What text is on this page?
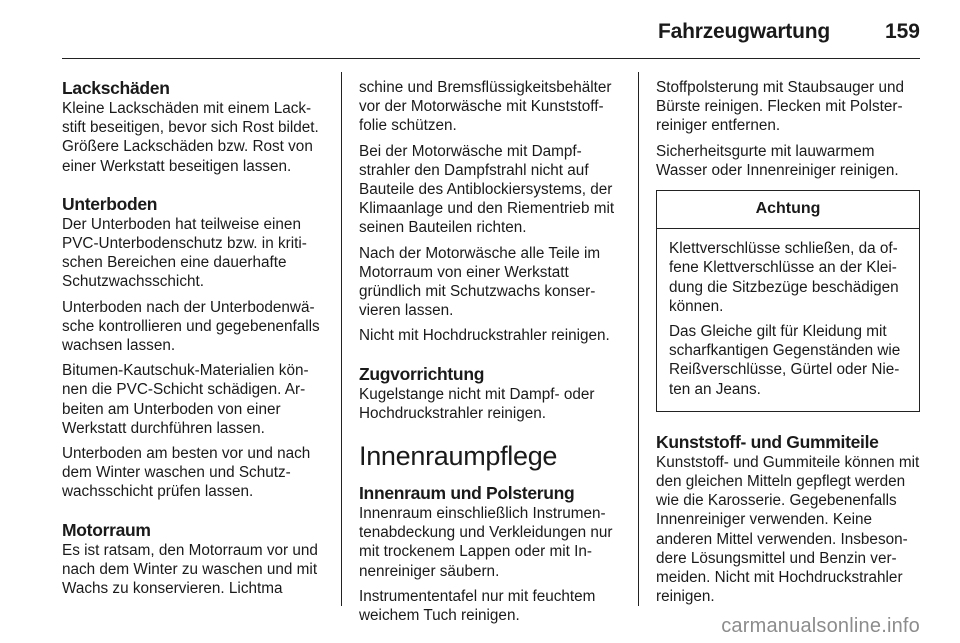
Fahrzeugwartung	159
Lackschäden

Kleine Lackschäden mit einem Lackstift beseitigen, bevor sich Rost bildet. Größere Lackschäden bzw. Rost von einer Werkstatt beseitigen lassen.

Unterboden

Der Unterboden hat teilweise einen PVC-Unterbodenschutz bzw. in kritischen Bereichen eine dauerhafte Schutzwachsschicht.

Unterboden nach der Unterbodenwäsche kontrollieren und gegebenenfalls wachsen lassen.

Bitumen-Kautschuk-Materialien können die PVC-Schicht schädigen. Arbeiten am Unterboden von einer Werkstatt durchführen lassen.

Unterboden am besten vor und nach dem Winter waschen und Schutzwachsschicht prüfen lassen.

Motorraum

Es ist ratsam, den Motorraum vor und nach dem Winter zu waschen und mit Wachs zu konservieren. Lichtma

schine und Bremsflüssigkeitsbehälter vor der Motorwäsche mit Kunststofffolie schützen.

Bei der Motorwäsche mit Dampfstrahler den Dampfstrahl nicht auf Bauteile des Antiblockiersystems, der Klimaanlage und den Riementrieb mit seinen Bauteilen richten.

Nach der Motorwäsche alle Teile im Motorraum von einer Werkstatt gründlich mit Schutzwachs konservieren lassen.

Nicht mit Hochdruckstrahler reinigen.

Zugvorrichtung

Kugelstange nicht mit Dampf- oder Hochdruckstrahler reinigen.

Innenraumpflege
Innenraum und Polsterung

Innenraum einschließlich Instrumentenabdeckung und Verkleidungen nur mit trockenem Lappen oder mit Innenreiniger säubern.

Instrumententafel nur mit feuchtem weichem Tuch reinigen.

Stoffpolsterung mit Staubsauger und Bürste reinigen. Flecken mit Polsterreiniger entfernen.

Sicherheitsgurte mit lauwarmem Wasser oder Innenreiniger reinigen.

Achtung

Klettverschlüsse schließen, da offene Klettverschlüsse an der Kleidung die Sitzbezüge beschädigen können.

Das Gleiche gilt für Kleidung mit scharfkantigen Gegenständen wie Reißverschlüsse, Gürtel oder Nieten an Jeans.

Kunststoff- und Gummiteile

Kunststoff- und Gummiteile können mit den gleichen Mitteln gepflegt werden wie die Karosserie. Gegebenenfalls Innenreiniger verwenden. Keine anderen Mittel verwenden. Insbesondere Lösungsmittel und Benzin vermeiden. Nicht mit Hochdruckstrahler reinigen.

carmanualsonline.info
